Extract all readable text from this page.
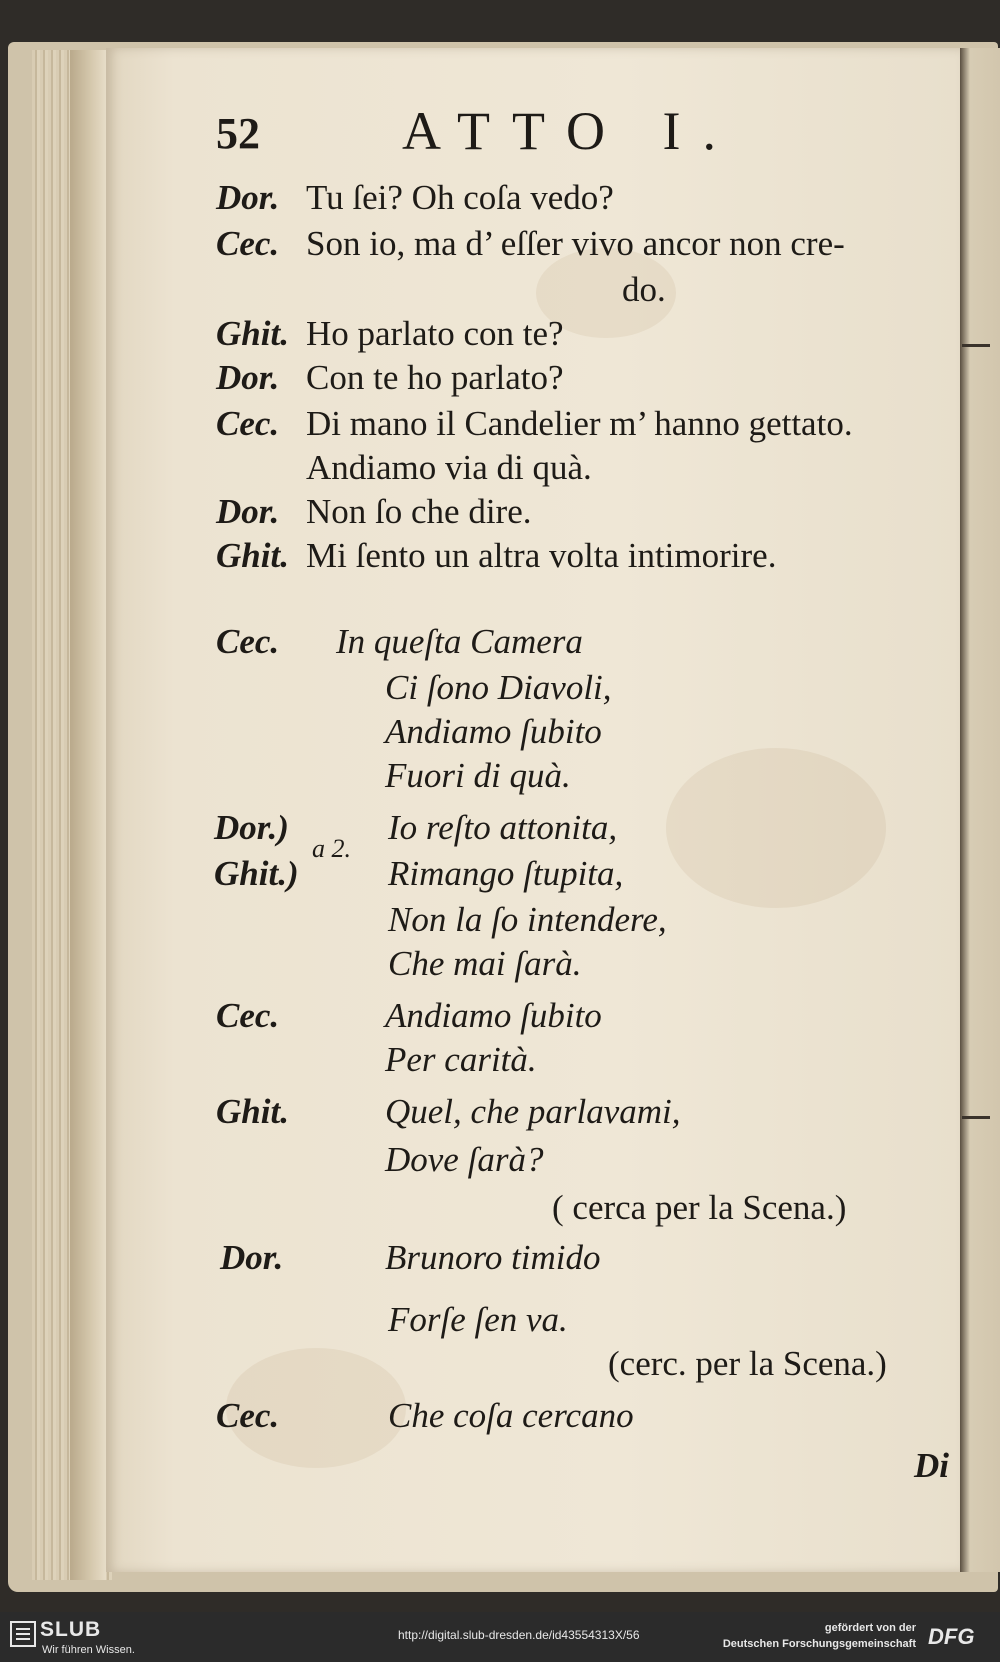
52	ATTO I.
Dor. Tu ſei? Oh coſa vedo?
Cec. Son io, ma d’ eſſer vivo ancor non cre-
do.
Ghit. Ho parlato con te?
Dor. Con te ho parlato?
Cec. Di mano il Candelier m’ hanno gettato.
Andiamo via di quà.
Dor. Non ſo che dire.
Ghit. Mi ſento un altra volta intimorire.
Cec. In queſta Camera
Ci ſono Diavoli,
Andiamo ſubito
Fuori di quà.
Dor.)
Ghit.)
a 2.
Io reſto attonita,
Rimango ſtupita,
Non la ſo intendere,
Che mai ſarà.
Cec.	Andiamo ſubito
Per carità.
Ghit.	Quel, che parlavami,
Dove ſarà?
( cerca per la Scena.)
Dor.	Brunoro timido
Forſe ſen va.
(cerc. per la Scena.)
Cec.	Che coſa cercano
Di
SLUB
Wir führen Wissen.
http://digital.slub-dresden.de/id43554313X/56	gefördert von der
Deutschen Forschungsgemeinschaft DFG
